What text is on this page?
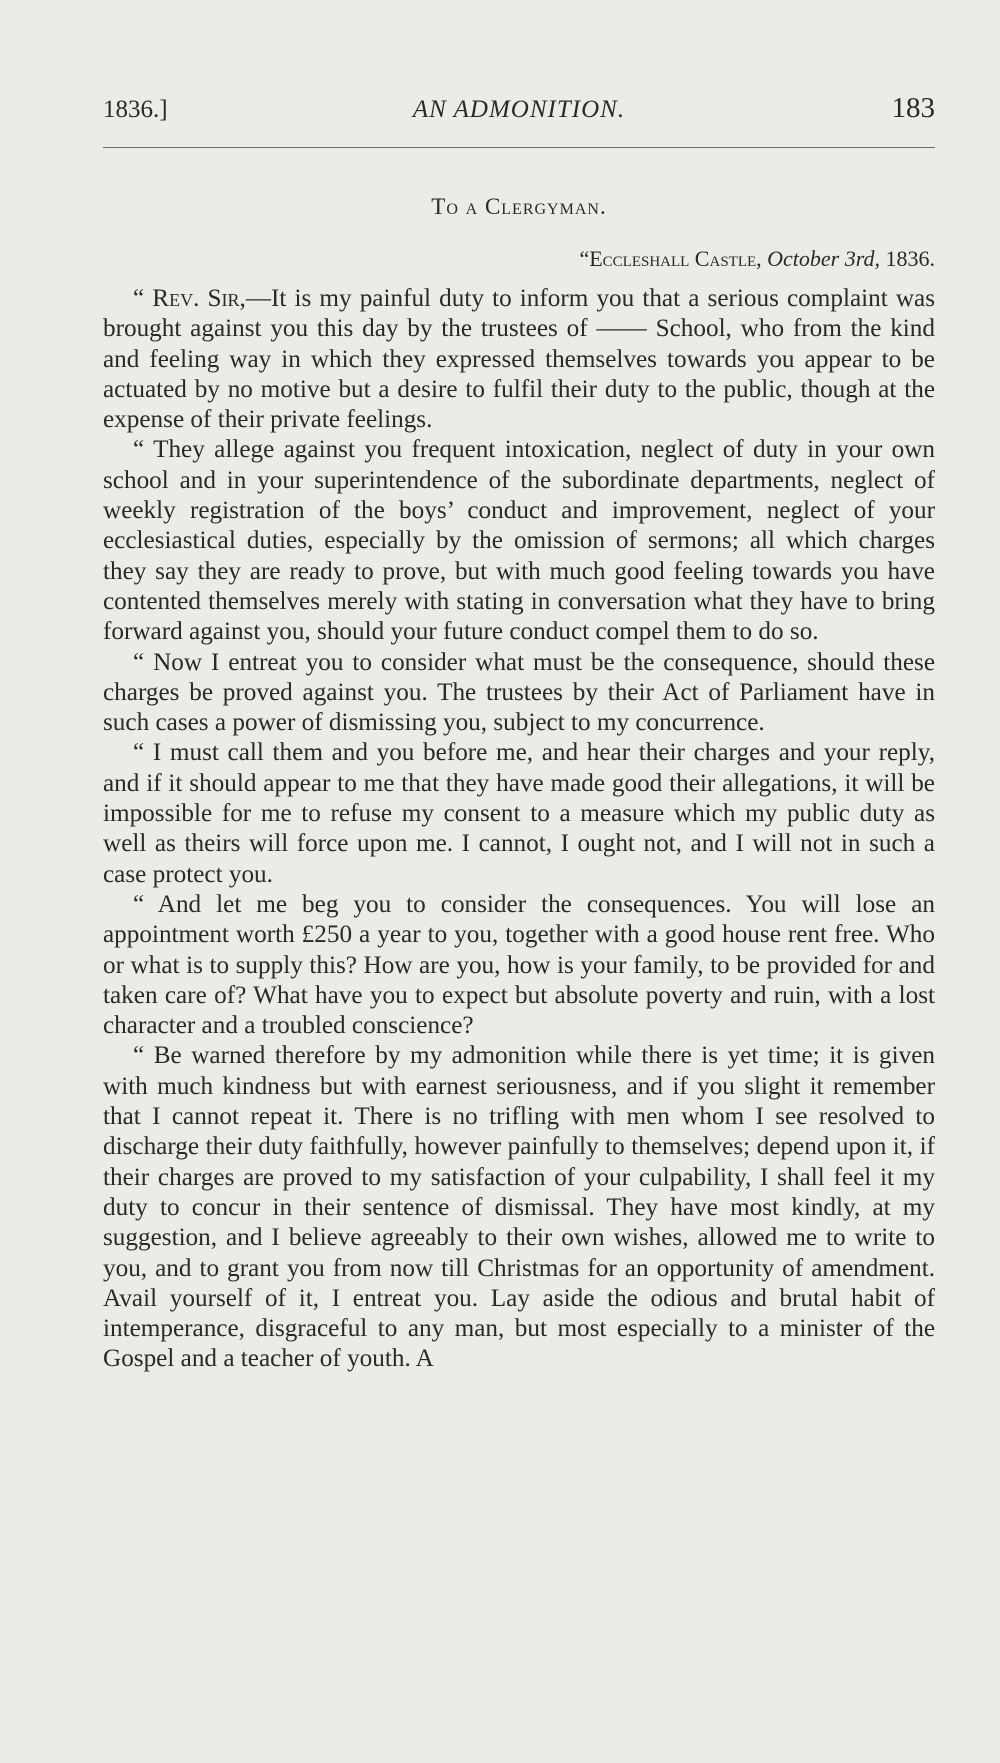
1836.]	AN ADMONITION.	183
To a Clergyman.
“Eccleshall Castle, October 3rd, 1836.

“ Rev. Sir,—It is my painful duty to inform you that a serious complaint was brought against you this day by the trustees of —— School, who from the kind and feeling way in which they expressed themselves towards you appear to be actuated by no motive but a desire to fulfil their duty to the public, though at the expense of their private feelings.

“ They allege against you frequent intoxication, neglect of duty in your own school and in your superintendence of the subordinate departments, neglect of weekly registration of the boys’ conduct and improvement, neglect of your ecclesiastical duties, especially by the omission of sermons; all which charges they say they are ready to prove, but with much good feeling towards you have contented themselves merely with stating in conversation what they have to bring forward against you, should your future conduct compel them to do so.

“ Now I entreat you to consider what must be the consequence, should these charges be proved against you. The trustees by their Act of Parliament have in such cases a power of dismissing you, subject to my concurrence.

“ I must call them and you before me, and hear their charges and your reply, and if it should appear to me that they have made good their allegations, it will be impossible for me to refuse my consent to a measure which my public duty as well as theirs will force upon me. I cannot, I ought not, and I will not in such a case protect you.

“ And let me beg you to consider the consequences. You will lose an appointment worth £250 a year to you, together with a good house rent free. Who or what is to supply this? How are you, how is your family, to be provided for and taken care of? What have you to expect but absolute poverty and ruin, with a lost character and a troubled conscience?

“ Be warned therefore by my admonition while there is yet time; it is given with much kindness but with earnest seriousness, and if you slight it remember that I cannot repeat it. There is no trifling with men whom I see resolved to discharge their duty faithfully, however painfully to themselves; depend upon it, if their charges are proved to my satisfaction of your culpability, I shall feel it my duty to concur in their sentence of dismissal. They have most kindly, at my suggestion, and I believe agreeably to their own wishes, allowed me to write to you, and to grant you from now till Christmas for an opportunity of amendment. Avail yourself of it, I entreat you. Lay aside the odious and brutal habit of intemperance, disgraceful to any man, but most especially to a minister of the Gospel and a teacher of youth. A
